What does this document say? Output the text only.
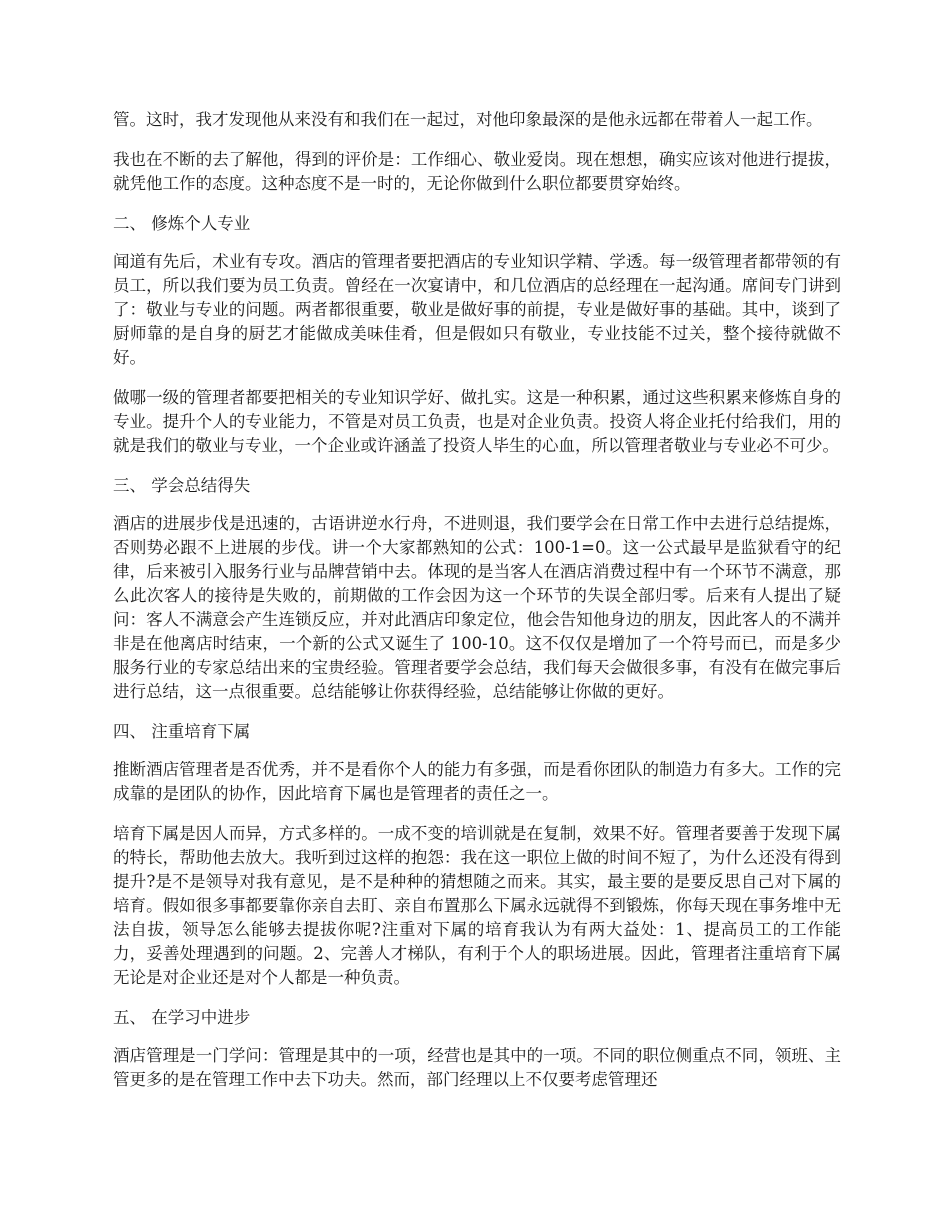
管。这时，我才发现他从来没有和我们在一起过，对他印象最深的是他永远都在带着人一起工作。

我也在不断的去了解他，得到的评价是：工作细心、敬业爱岗。现在想想，确实应该对他进行提拔，就凭他工作的态度。这种态度不是一时的，无论你做到什么职位都要贯穿始终。

二、 修炼个人专业

闻道有先后，术业有专攻。酒店的管理者要把酒店的专业知识学精、学透。每一级管理者都带领的有员工，所以我们要为员工负责。曾经在一次宴请中，和几位酒店的总经理在一起沟通。席间专门讲到了：敬业与专业的问题。两者都很重要，敬业是做好事的前提，专业是做好事的基础。其中，谈到了厨师靠的是自身的厨艺才能做成美味佳肴，但是假如只有敬业，专业技能不过关，整个接待就做不好。

做哪一级的管理者都要把相关的专业知识学好、做扎实。这是一种积累，通过这些积累来修炼自身的专业。提升个人的专业能力，不管是对员工负责，也是对企业负责。投资人将企业托付给我们，用的就是我们的敬业与专业，一个企业或许涵盖了投资人毕生的心血，所以管理者敬业与专业必不可少。

三、 学会总结得失

酒店的进展步伐是迅速的，古语讲逆水行舟，不进则退，我们要学会在日常工作中去进行总结提炼，否则势必跟不上进展的步伐。讲一个大家都熟知的公式：100-1=0。这一公式最早是监狱看守的纪律，后来被引入服务行业与品牌营销中去。体现的是当客人在酒店消费过程中有一个环节不满意，那么此次客人的接待是失败的，前期做的工作会因为这一个环节的失误全部归零。后来有人提出了疑问：客人不满意会产生连锁反应，并对此酒店印象定位，他会告知他身边的朋友，因此客人的不满并非是在他离店时结束，一个新的公式又诞生了 100-10。这不仅仅是增加了一个符号而已，而是多少服务行业的专家总结出来的宝贵经验。管理者要学会总结，我们每天会做很多事，有没有在做完事后进行总结，这一点很重要。总结能够让你获得经验，总结能够让你做的更好。

四、 注重培育下属

推断酒店管理者是否优秀，并不是看你个人的能力有多强，而是看你团队的制造力有多大。工作的完成靠的是团队的协作，因此培育下属也是管理者的责任之一。

培育下属是因人而异，方式多样的。一成不变的培训就是在复制，效果不好。管理者要善于发现下属的特长，帮助他去放大。我听到过这样的抱怨：我在这一职位上做的时间不短了，为什么还没有得到提升?是不是领导对我有意见，是不是种种的猜想随之而来。其实，最主要的是要反思自己对下属的培育。假如很多事都要靠你亲自去盯、亲自布置那么下属永远就得不到锻炼，你每天现在事务堆中无法自拔，领导怎么能够去提拔你呢?注重对下属的培育我认为有两大益处：1、提高员工的工作能力，妥善处理遇到的问题。2、完善人才梯队，有利于个人的职场进展。因此，管理者注重培育下属无论是对企业还是对个人都是一种负责。

五、 在学习中进步

酒店管理是一门学问：管理是其中的一项，经营也是其中的一项。不同的职位侧重点不同，领班、主管更多的是在管理工作中去下功夫。然而，部门经理以上不仅要考虑管理还
